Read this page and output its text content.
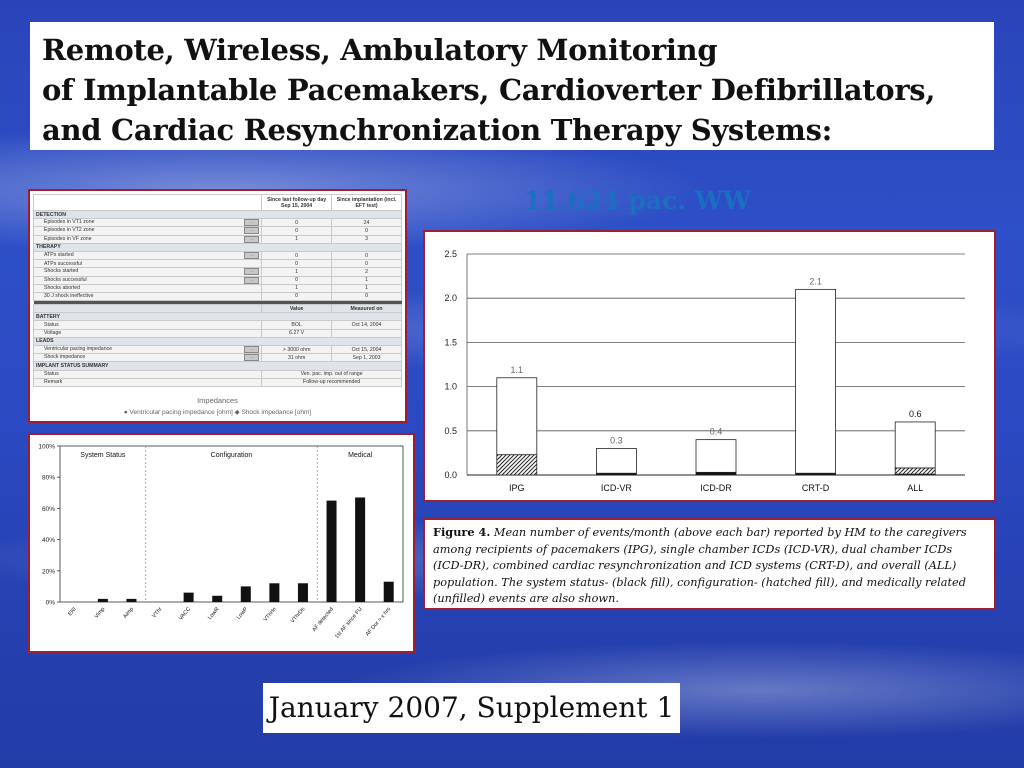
Remote, Wireless, Ambulatory Monitoring
of Implantable Pacemakers, Cardioverter Defibrillators,
and Cardiac Resynchronization Therapy Systems:
11.624 pac. WW
	Since last follow-up day Sep 15, 2004	Since implantation (incl. EFT test)
DETECTION		
Episodes in VT1 zone ⋯	0	24
Episodes in VT2 zone ⋯	0	0
Episodes in VF zone ⋯	1	3
THERAPY		
ATPs started ⋯	0	0
ATPs successful	0	0
Shocks started ⋯	1	2
Shocks successful ⋯	0	1
Shocks aborted	1	1
30 J shock ineffective	0	0

	Value	Measured on
BATTERY		
Status	BOL	Oct 14, 2004
Voltage	6.27 V	
LEADS		
Ventricular pacing impedance ⋯	> 3000 ohm	Oct 15, 2004
Shock impedance ⋯	31 ohm	Sep 1, 2003
IMPLANT STATUS SUMMARY		
Status	Ven. pac. imp. out of range	
Remark	Follow-up recommended	
Impedances
● Ventricular pacing impedance [ohm] ◆ Shock impedance [ohm]
0%
20%
40%
60%
80%
100%
System Status	Configuration	Medical
ERI	Vimp	Aimp	VThr	VACC	LowR	LowP VThrIn VThrDs AF detected 1st AF since FU AF Dur > x hrs
0.0
0.5
1.0
1.5
2.0
2.5
1.1
IPG
0.3
ICD-VR
0.4
ICD-DR
2.1
CRT-D
0.6
ALL
Figure 4. Mean number of events/month (above each bar) reported by HM to the caregivers among recipients of pacemakers (IPG), single chamber ICDs (ICD-VR), dual chamber ICDs (ICD-DR), combined cardiac resynchronization and ICD systems (CRT-D), and overall (ALL) population. The system status- (black fill), configuration- (hatched fill), and medically related (unfilled) events are also shown.
January 2007, Supplement 1
